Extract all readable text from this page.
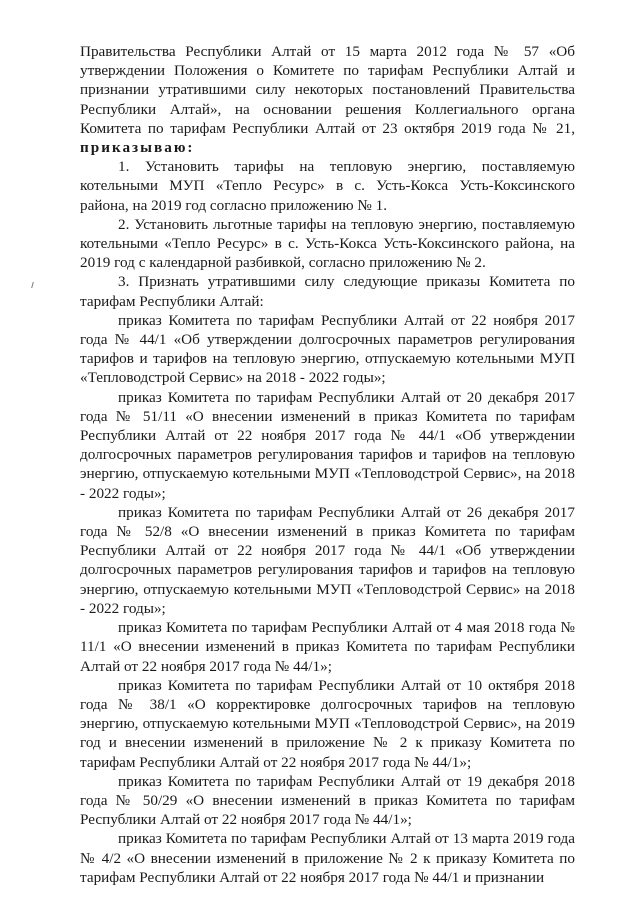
Правительства Республики Алтай от 15 марта 2012 года № 57 «Об утверждении Положения о Комитете по тарифам Республики Алтай и признании утратившими силу некоторых постановлений Правительства Республики Алтай», на основании решения Коллегиального органа Комитета по тарифам Республики Алтай от 23 октября 2019 года № 21, приказываю:

1. Установить тарифы на тепловую энергию, поставляемую котельными МУП «Тепло Ресурс» в с. Усть-Кокса Усть-Коксинского района, на 2019 год согласно приложению № 1.

2. Установить льготные тарифы на тепловую энергию, поставляемую котельными «Тепло Ресурс» в с. Усть-Кокса Усть-Коксинского района, на 2019 год с календарной разбивкой, согласно приложению № 2.

3. Признать утратившими силу следующие приказы Комитета по тарифам Республики Алтай:

приказ Комитета по тарифам Республики Алтай от 22 ноября 2017 года № 44/1 «Об утверждении долгосрочных параметров регулирования тарифов и тарифов на тепловую энергию, отпускаемую котельными МУП «Тепловодстрой Сервис» на 2018 - 2022 годы»;

приказ Комитета по тарифам Республики Алтай от 20 декабря 2017 года № 51/11 «О внесении изменений в приказ Комитета по тарифам Республики Алтай от 22 ноября 2017 года № 44/1 «Об утверждении долгосрочных параметров регулирования тарифов и тарифов на тепловую энергию, отпускаемую котельными МУП «Тепловодстрой Сервис», на 2018 - 2022 годы»;

приказ Комитета по тарифам Республики Алтай от 26 декабря 2017 года № 52/8 «О внесении изменений в приказ Комитета по тарифам Республики Алтай от 22 ноября 2017 года № 44/1 «Об утверждении долгосрочных параметров регулирования тарифов и тарифов на тепловую энергию, отпускаемую котельными МУП «Тепловодстрой Сервис» на 2018 - 2022 годы»;

приказ Комитета по тарифам Республики Алтай от 4 мая 2018 года № 11/1 «О внесении изменений в приказ Комитета по тарифам Республики Алтай от 22 ноября 2017 года № 44/1»;

приказ Комитета по тарифам Республики Алтай от 10 октября 2018 года № 38/1 «О корректировке долгосрочных тарифов на тепловую энергию, отпускаемую котельными МУП «Тепловодстрой Сервис», на 2019 год и внесении изменений в приложение № 2 к приказу Комитета по тарифам Республики Алтай от 22 ноября 2017 года № 44/1»;

приказ Комитета по тарифам Республики Алтай от 19 декабря 2018 года № 50/29 «О внесении изменений в приказ Комитета по тарифам Республики Алтай от 22 ноября 2017 года № 44/1»;

приказ Комитета по тарифам Республики Алтай от 13 марта 2019 года № 4/2 «О внесении изменений в приложение № 2 к приказу Комитета по тарифам Республики Алтай от 22 ноября 2017 года № 44/1 и признании
